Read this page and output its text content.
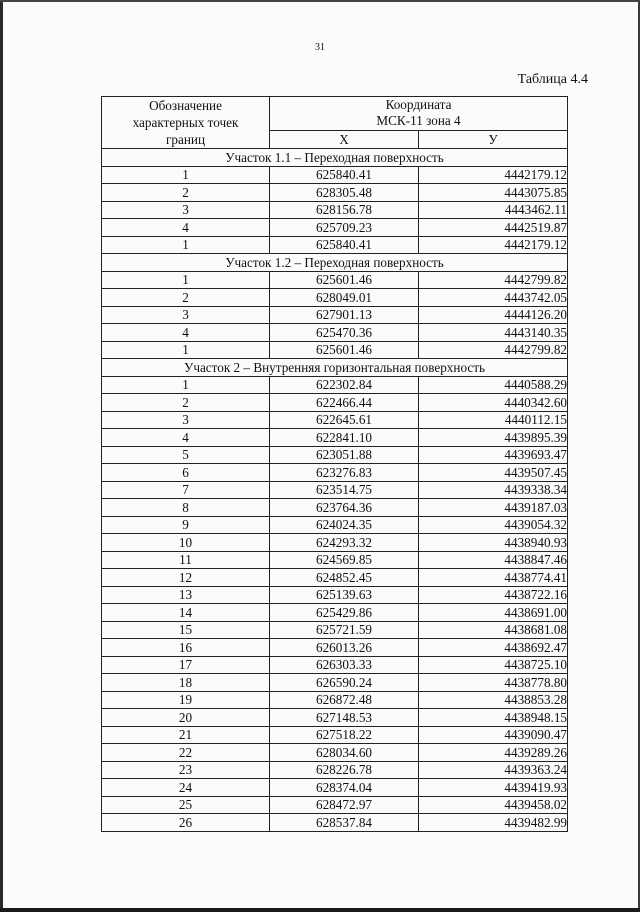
31
Таблица 4.4
Обозначение
характерных точек
границ	Координата
МСК-11 зона 4	
	X	У
Участок 1.1 – Переходная поверхность		
1	625840.41	4442179.12
2	628305.48	4443075.85
3	628156.78	4443462.11
4	625709.23	4442519.87
1	625840.41	4442179.12
Участок 1.2 – Переходная поверхность		
1	625601.46	4442799.82
2	628049.01	4443742.05
3	627901.13	4444126.20
4	625470.36	4443140.35
1	625601.46	4442799.82
Участок 2 – Внутренняя горизонтальная поверхность		
1	622302.84	4440588.29
2	622466.44	4440342.60
3	622645.61	4440112.15
4	622841.10	4439895.39
5	623051.88	4439693.47
6	623276.83	4439507.45
7	623514.75	4439338.34
8	623764.36	4439187.03
9	624024.35	4439054.32
10	624293.32	4438940.93
11	624569.85	4438847.46
12	624852.45	4438774.41
13	625139.63	4438722.16
14	625429.86	4438691.00
15	625721.59	4438681.08
16	626013.26	4438692.47
17	626303.33	4438725.10
18	626590.24	4438778.80
19	626872.48	4438853.28
20	627148.53	4438948.15
21	627518.22	4439090.47
22	628034.60	4439289.26
23	628226.78	4439363.24
24	628374.04	4439419.93
25	628472.97	4439458.02
26	628537.84	4439482.99
